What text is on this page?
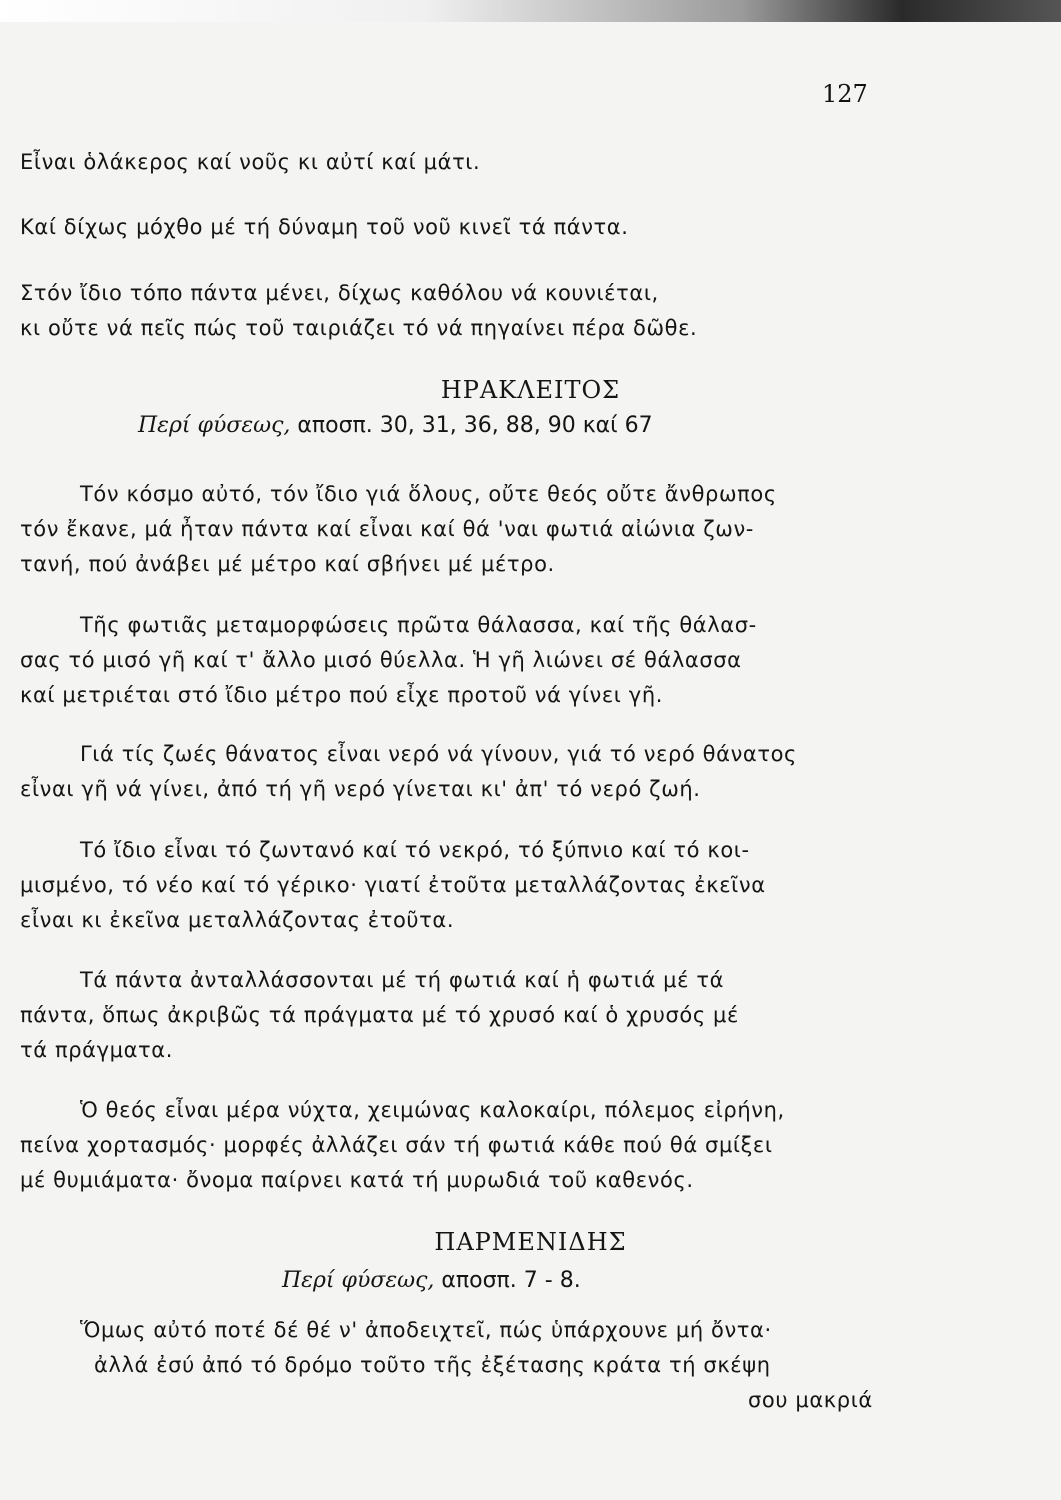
127
Εἶναι ὁλάκερος καί νοῦς κι αὐτί καί μάτι.
Καί δίχως μόχθο μέ τή δύναμη τοῦ νοῦ κινεῖ τά πάντα.
Στόν ἴδιο τόπο πάντα μένει, δίχως καθόλου νά κουνιέται,
κι οὔτε νά πεῖς πώς τοῦ ταιριάζει τό νά πηγαίνει πέρα δῶθε.
ΗΡΑΚΛΕΙΤΟΣ
Περί φύσεως, αποσπ. 30, 31, 36, 88, 90 καί 67
Τόν κόσμο αὐτό, τόν ἴδιο γιά ὅλους, οὔτε θεός οὔτε ἄνθρωπος
τόν ἔκανε, μά ἦταν πάντα καί εἶναι καί θά 'ναι φωτιά αἰώνια ζων-
τανή, πού ἀνάβει μέ μέτρο καί σβήνει μέ μέτρο.
Τῆς φωτιᾶς μεταμορφώσεις πρῶτα θάλασσα, καί τῆς θάλασ-
σας τό μισό γῆ καί τ' ἄλλο μισό θύελλα. Ἡ γῆ λιώνει σέ θάλασσα
καί μετριέται στό ἴδιο μέτρο πού εἶχε προτοῦ νά γίνει γῆ.
Γιά τίς ζωές θάνατος εἶναι νερό νά γίνουν, γιά τό νερό θάνατος
εἶναι γῆ νά γίνει, ἀπό τή γῆ νερό γίνεται κι' ἀπ' τό νερό ζωή.
Τό ἴδιο εἶναι τό ζωντανό καί τό νεκρό, τό ξύπνιο καί τό κοι-
μισμένο, τό νέο καί τό γέρικο· γιατί ἐτοῦτα μεταλλάζοντας ἐκεῖνα
εἶναι κι ἐκεῖνα μεταλλάζοντας ἐτοῦτα.
Τά πάντα ἀνταλλάσσονται μέ τή φωτιά καί ἡ φωτιά μέ τά
πάντα, ὅπως ἀκριβῶς τά πράγματα μέ τό χρυσό καί ὁ χρυσός μέ
τά πράγματα.
Ὁ θεός εἶναι μέρα νύχτα, χειμώνας καλοκαίρι, πόλεμος εἰρήνη,
πείνα χορτασμός· μορφές ἀλλάζει σάν τή φωτιά κάθε πού θά σμίξει
μέ θυμιάματα· ὄνομα παίρνει κατά τή μυρωδιά τοῦ καθενός.
ΠΑΡΜΕΝΙΔΗΣ
Περί φύσεως, αποσπ. 7 - 8.
Ὅμως αὐτό ποτέ δέ θέ ν' ἀποδειχτεῖ, πώς ὑπάρχουνε μή ὄντα·
ἀλλά ἐσύ ἀπό τό δρόμο τοῦτο τῆς ἐξέτασης κράτα τή σκέψη
σου μακριά
